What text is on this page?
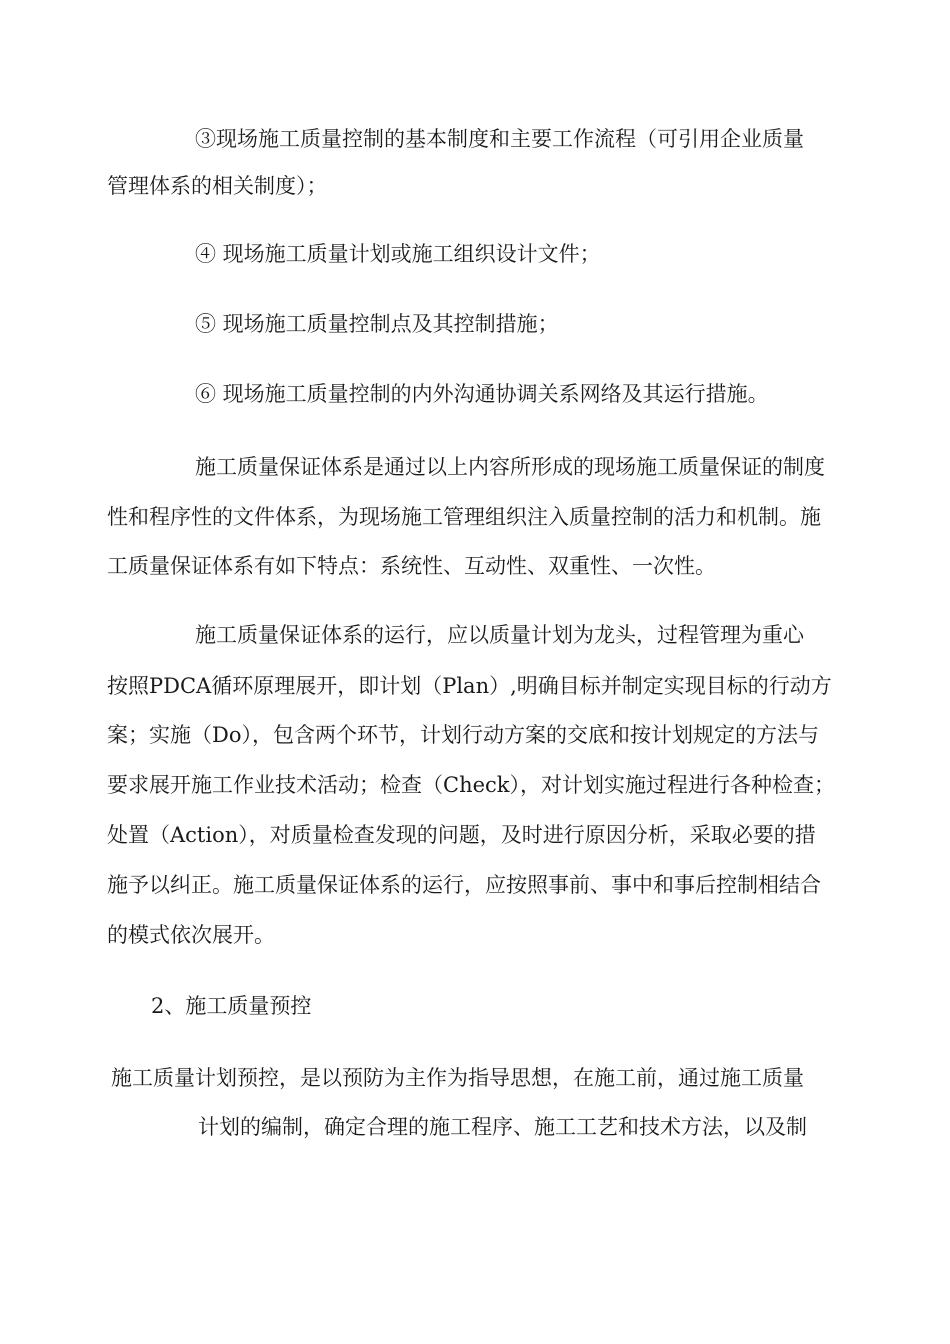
③现场施工质量控制的基本制度和主要工作流程（可引用企业质量
管理体系的相关制度）；
④ 现场施工质量计划或施工组织设计文件；
⑤ 现场施工质量控制点及其控制措施；
⑥ 现场施工质量控制的内外沟通协调关系网络及其运行措施。
施工质量保证体系是通过以上内容所形成的现场施工质量保证的制度
性和程序性的文件体系，为现场施工管理组织注入质量控制的活力和机制。施
工质量保证体系有如下特点：系统性、互动性、双重性、一次性。
施工质量保证体系的运行，应以质量计划为龙头，过程管理为重心
按照PDCA循环原理展开，即计划（Plan）,明确目标并制定实现目标的行动方
案；实施（Do），包含两个环节，计划行动方案的交底和按计划规定的方法与
要求展开施工作业技术活动；检查（Check），对计划实施过程进行各种检查；
处置（Action），对质量检查发现的问题，及时进行原因分析，采取必要的措
施予以纠正。施工质量保证体系的运行，应按照事前、事中和事后控制相结合
的模式依次展开。
2、施工质量预控
施工质量计划预控，是以预防为主作为指导思想，在施工前，通过施工质量
计划的编制，确定合理的施工程序、施工工艺和技术方法，以及制
